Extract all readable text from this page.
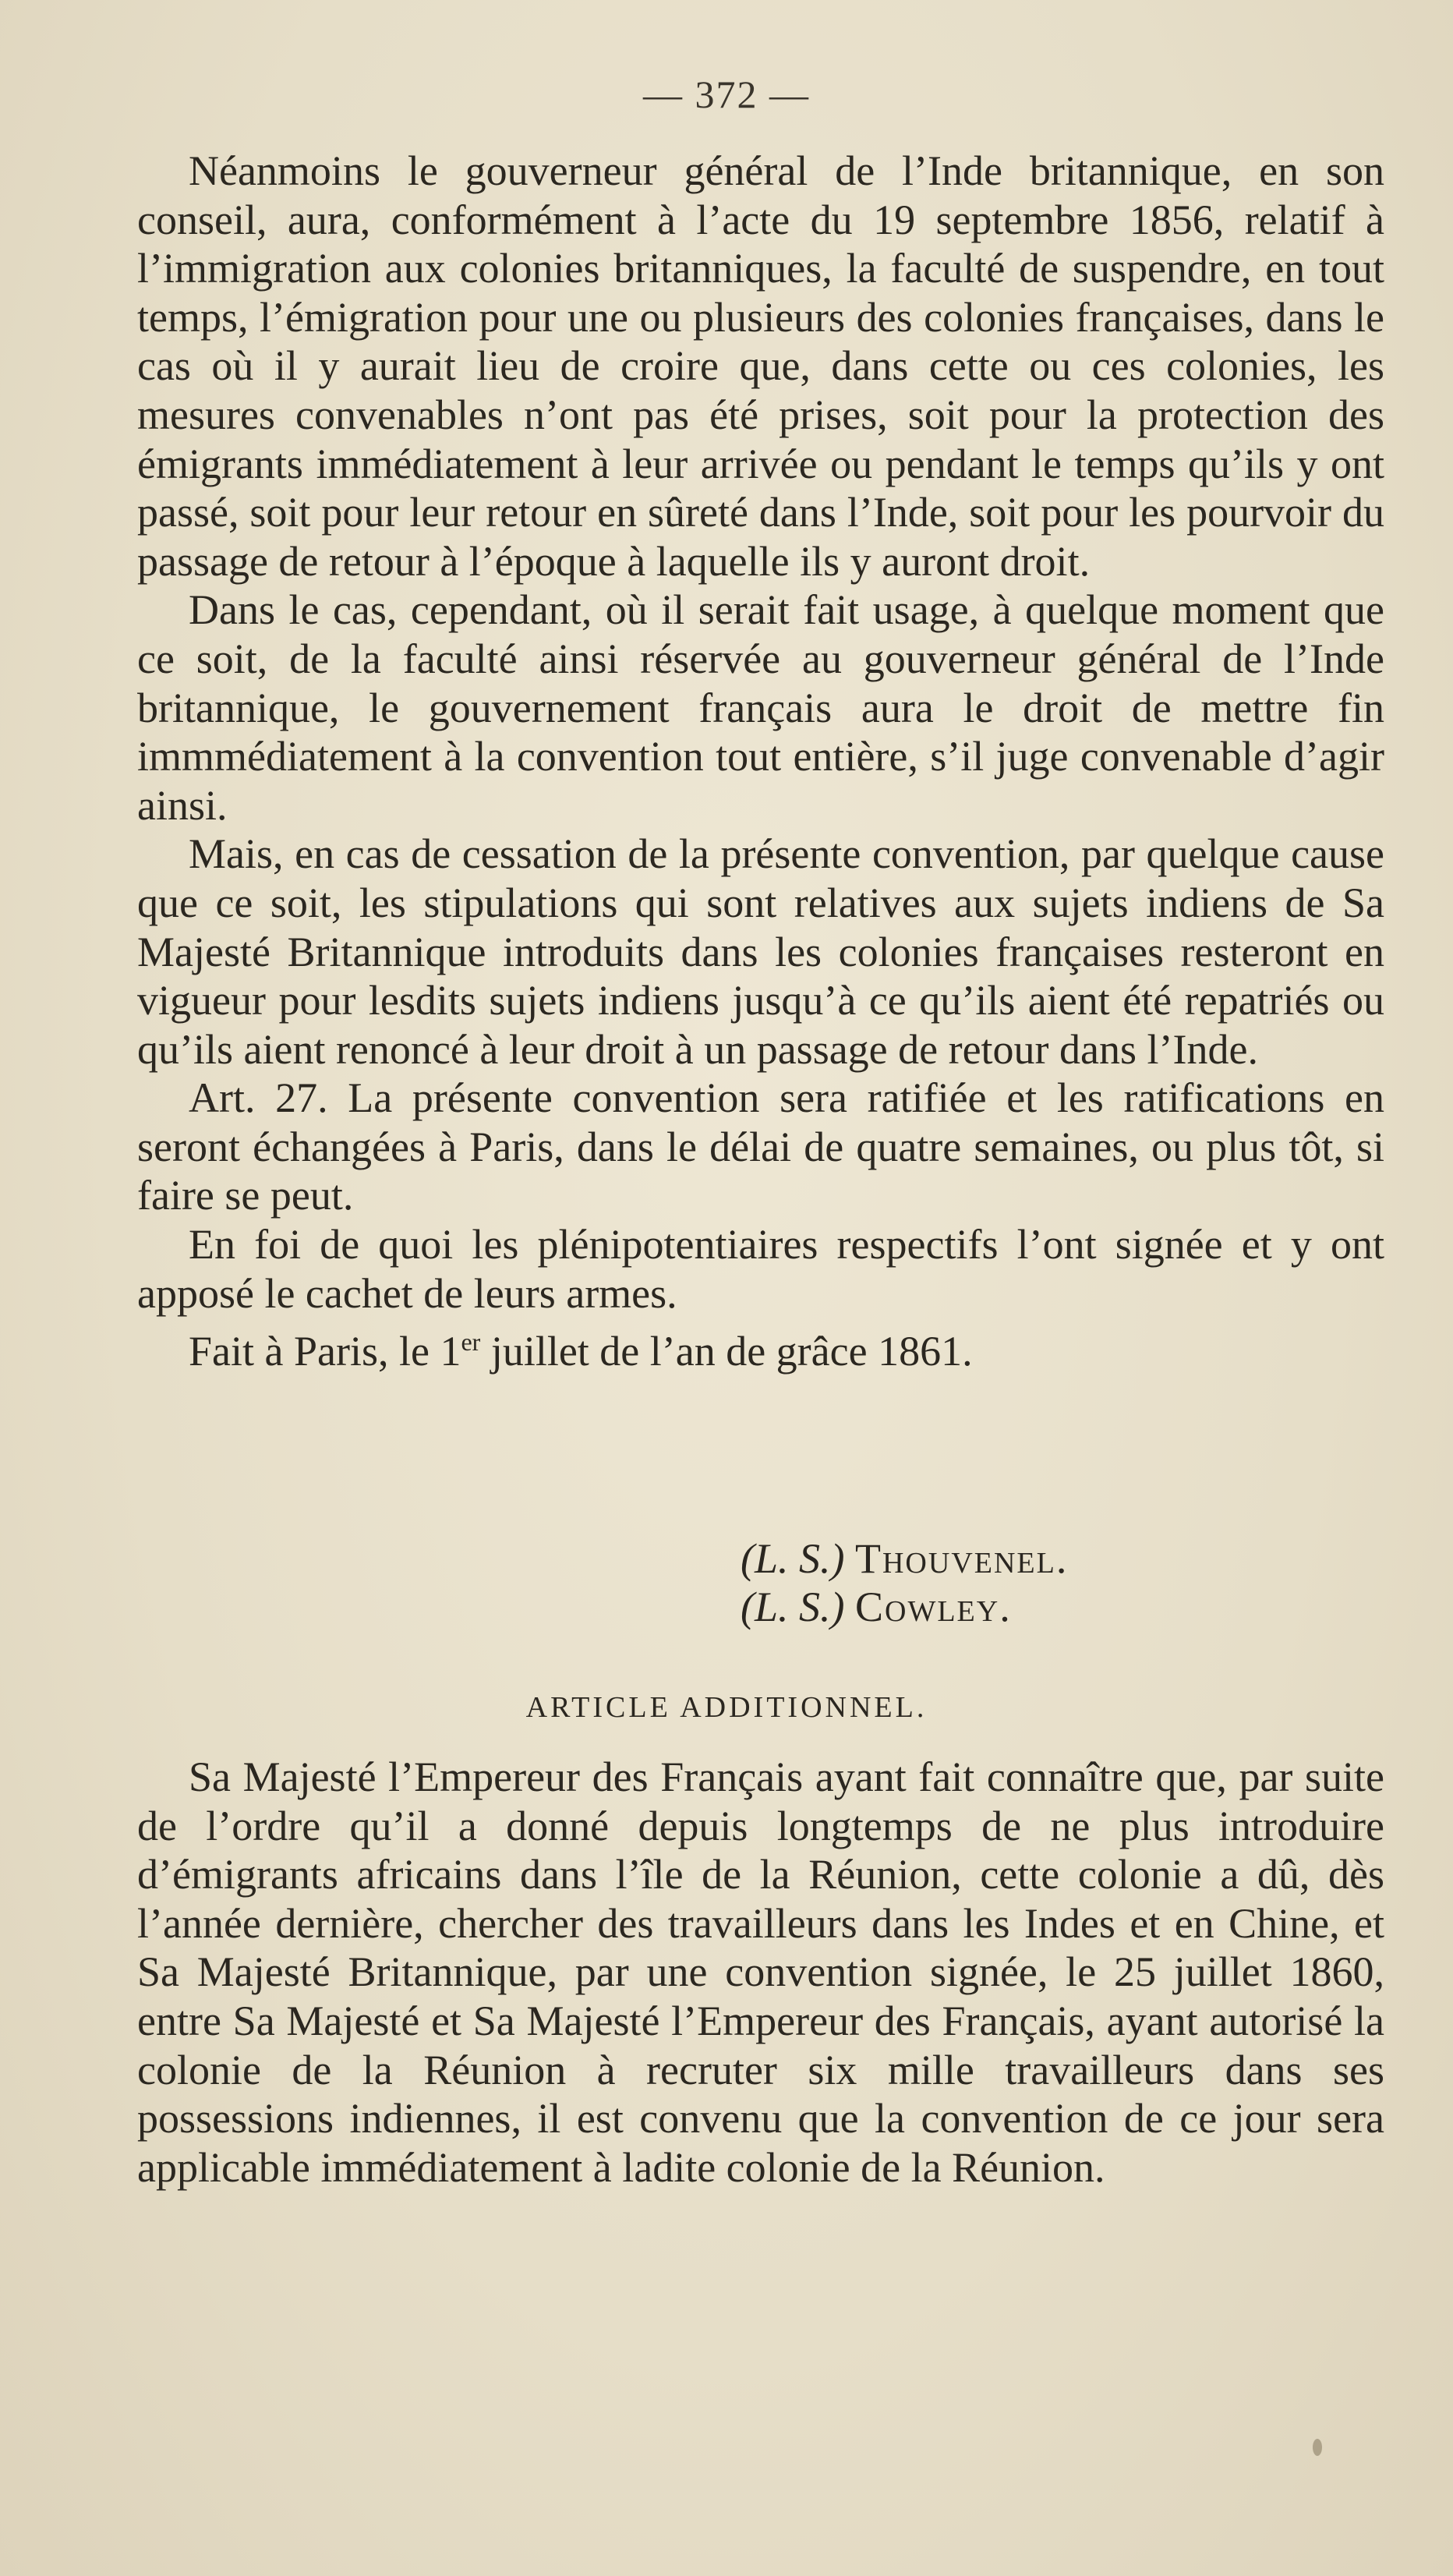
— 372 —

Néanmoins le gouverneur général de l’Inde britannique, en son conseil, aura, conformément à l’acte du 19 septembre 1856, relatif à l’immigration aux colonies britanniques, la faculté de suspendre, en tout temps, l’émigration pour une ou plusieurs des colonies françaises, dans le cas où il y aurait lieu de croire que, dans cette ou ces colonies, les mesures convenables n’ont pas été prises, soit pour la protection des émigrants immédiatement à leur arrivée ou pendant le temps qu’ils y ont passé, soit pour leur retour en sûreté dans l’Inde, soit pour les pourvoir du passage de retour à l’époque à laquelle ils y auront droit.

Dans le cas, cependant, où il serait fait usage, à quelque moment que ce soit, de la faculté ainsi réservée au gouverneur général de l’Inde britannique, le gouvernement français aura le droit de mettre fin immmédiatement à la convention tout entière, s’il juge convenable d’agir ainsi.

Mais, en cas de cessation de la présente convention, par quelque cause que ce soit, les stipulations qui sont relatives aux sujets indiens de Sa Majesté Britannique introduits dans les colonies françaises resteront en vigueur pour lesdits sujets indiens jusqu’à ce qu’ils aient été repatriés ou qu’ils aient renoncé à leur droit à un passage de retour dans l’Inde.

Art. 27. La présente convention sera ratifiée et les ratifications en seront échangées à Paris, dans le délai de quatre semaines, ou plus tôt, si faire se peut.

En foi de quoi les plénipotentiaires respectifs l’ont signée et y ont apposé le cachet de leurs armes.

Fait à Paris, le 1er juillet de l’an de grâce 1861.

(L. S.) Thouvenel.
(L. S.) Cowley.
ARTICLE ADDITIONNEL.

Sa Majesté l’Empereur des Français ayant fait connaître que, par suite de l’ordre qu’il a donné depuis longtemps de ne plus introduire d’émigrants africains dans l’île de la Réunion, cette colonie a dû, dès l’année dernière, chercher des travailleurs dans les Indes et en Chine, et Sa Majesté Britannique, par une convention signée, le 25 juillet 1860, entre Sa Majesté et Sa Majesté l’Empereur des Français, ayant autorisé la colonie de la Réunion à recruter six mille travailleurs dans ses possessions indiennes, il est convenu que la convention de ce jour sera applicable immédiatement à ladite colonie de la Réunion.
